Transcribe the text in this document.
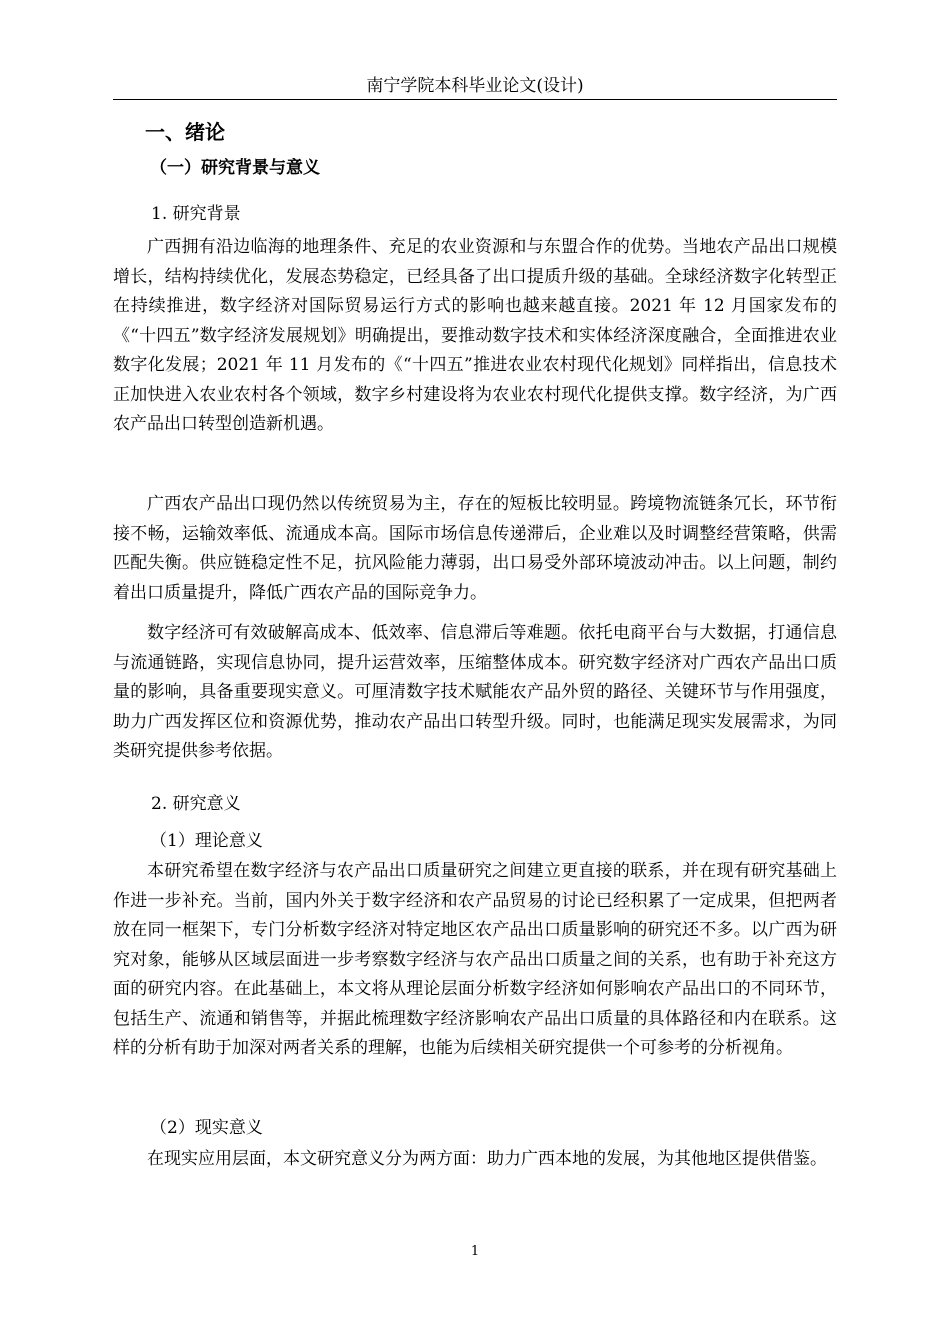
南宁学院本科毕业论文(设计)
一、绪论
（一）研究背景与意义
1. 研究背景

广西拥有沿边临海的地理条件、充足的农业资源和与东盟合作的优势。当地农产品出口规模增长，结构持续优化，发展态势稳定，已经具备了出口提质升级的基础。全球经济数字化转型正在持续推进，数字经济对国际贸易运行方式的影响也越来越直接。2021 年 12 月国家发布的《“十四五”数字经济发展规划》明确提出，要推动数字技术和实体经济深度融合，全面推进农业数字化发展；2021 年 11 月发布的《“十四五”推进农业农村现代化规划》同样指出，信息技术正加快进入农业农村各个领域，数字乡村建设将为农业农村现代化提供支撑。数字经济，为广西农产品出口转型创造新机遇。

广西农产品出口现仍然以传统贸易为主，存在的短板比较明显。跨境物流链条冗长，环节衔接不畅，运输效率低、流通成本高。国际市场信息传递滞后，企业难以及时调整经营策略，供需匹配失衡。供应链稳定性不足，抗风险能力薄弱，出口易受外部环境波动冲击。以上问题，制约着出口质量提升，降低广西农产品的国际竞争力。

数字经济可有效破解高成本、低效率、信息滞后等难题。依托电商平台与大数据，打通信息与流通链路，实现信息协同，提升运营效率，压缩整体成本。研究数字经济对广西农产品出口质量的影响，具备重要现实意义。可厘清数字技术赋能农产品外贸的路径、关键环节与作用强度，助力广西发挥区位和资源优势，推动农产品出口转型升级。同时，也能满足现实发展需求，为同类研究提供参考依据。

2. 研究意义
（1）理论意义

本研究希望在数字经济与农产品出口质量研究之间建立更直接的联系，并在现有研究基础上作进一步补充。当前，国内外关于数字经济和农产品贸易的讨论已经积累了一定成果，但把两者放在同一框架下，专门分析数字经济对特定地区农产品出口质量影响的研究还不多。以广西为研究对象，能够从区域层面进一步考察数字经济与农产品出口质量之间的关系，也有助于补充这方面的研究内容。在此基础上，本文将从理论层面分析数字经济如何影响农产品出口的不同环节，包括生产、流通和销售等，并据此梳理数字经济影响农产品出口质量的具体路径和内在联系。这样的分析有助于加深对两者关系的理解，也能为后续相关研究提供一个可参考的分析视角。

（2）现实意义

在现实应用层面，本文研究意义分为两方面：助力广西本地的发展，为其他地区提供借鉴。

1
